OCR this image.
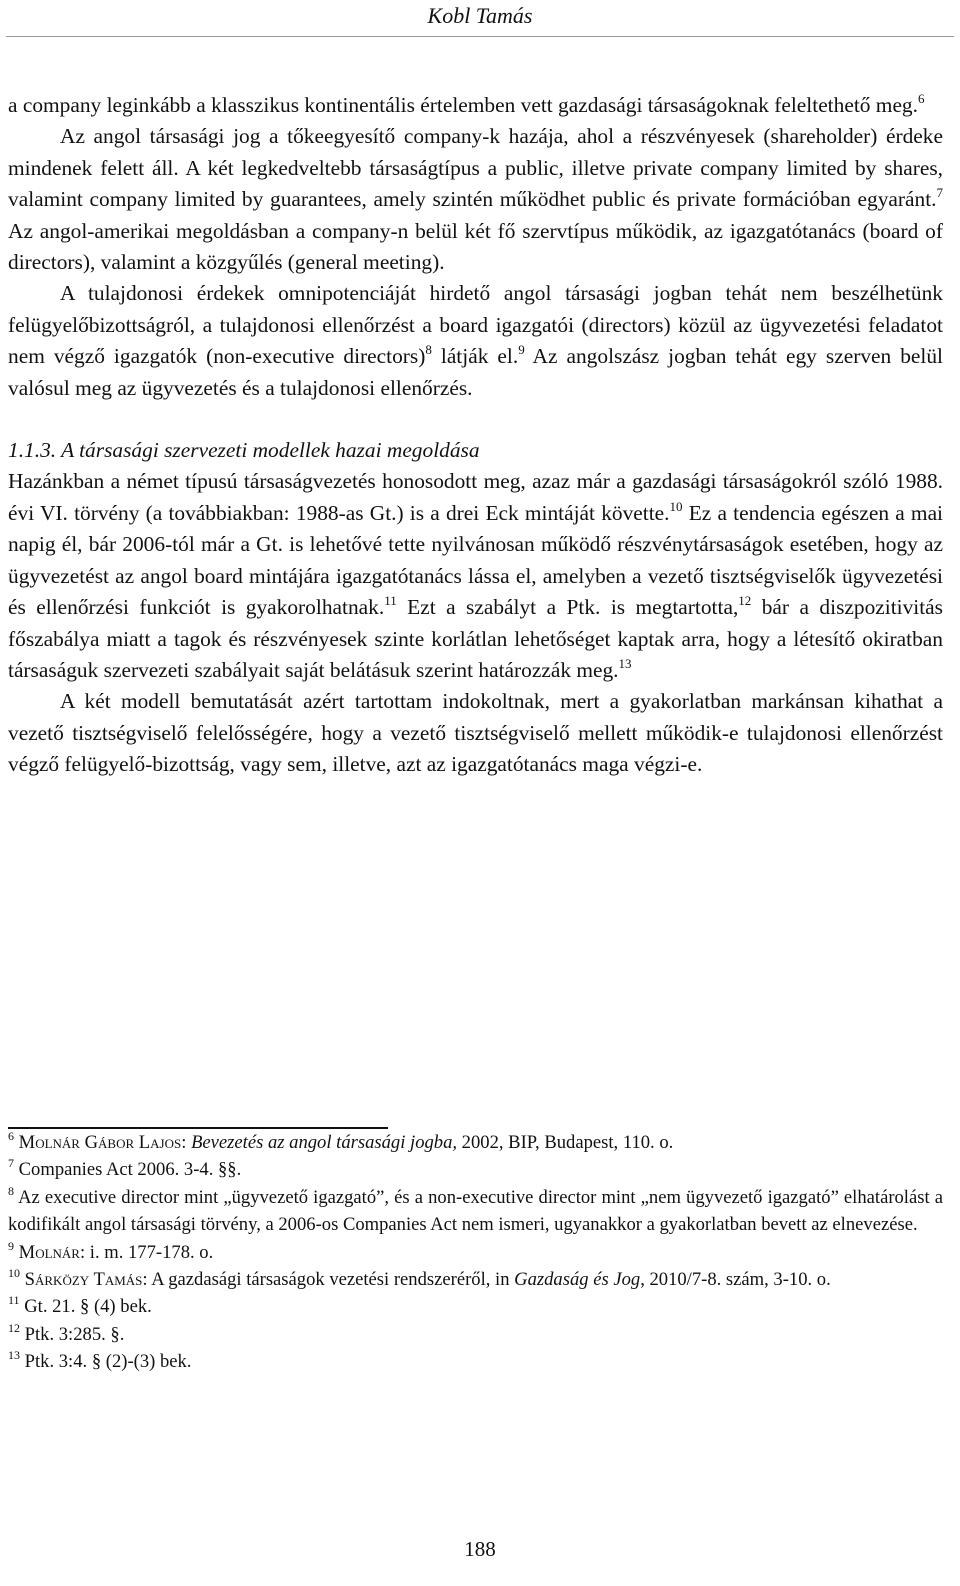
Kobl Tamás

a company leginkább a klasszikus kontinentális értelemben vett gazdasági társaságoknak feleltethető meg.$^6$

Az angol társasági jog a tőkeegyesítő company-k hazája, ahol a részvényesek (shareholder) érdeke mindenek felett áll. A két legkedveltebb társaságtípus a public, illetve private company limited by shares, valamint company limited by guarantees, amely szintén működhet public és private formációban egyaránt.$^7$ Az angol-amerikai megoldásban a company-n belül két fő szervtípus működik, az igazgatótanács (board of directors), valamint a közgyűlés (general meeting).

A tulajdonosi érdekek omnipotenciáját hirdető angol társasági jogban tehát nem beszélhetünk felügyelőbizottságról, a tulajdonosi ellenőrzést a board igazgatói (directors) közül az ügyvezetési feladatot nem végző igazgatók (non-executive directors)$^8$ látják el.$^9$ Az angolszász jogban tehát egy szerven belül valósul meg az ügyvezetés és a tulajdonosi ellenőrzés.

1.1.3. A társasági szervezeti modellek hazai megoldása

Hazánkban a német típusú társaságvezetés honosodott meg, azaz már a gazdasági társaságokról szóló 1988. évi VI. törvény (a továbbiakban: 1988-as Gt.) is a drei Eck mintáját követte.$^{10}$ Ez a tendencia egészen a mai napig él, bár 2006-tól már a Gt. is lehetővé tette nyilvánosan működő részvénytársaságok esetében, hogy az ügyvezetést az angol board mintájára igazgatótanács lássa el, amelyben a vezető tisztségviselők ügyvezetési és ellenőrzési funkciót is gyakorolhatnak.$^{11}$ Ezt a szabályt a Ptk. is megtartotta,$^{12}$ bár a diszpozitivitás főszabálya miatt a tagok és részvényesek szinte korlátlan lehetőséget kaptak arra, hogy a létesítő okiratban társaságuk szervezeti szabályait saját belátásuk szerint határozzák meg.$^{13}$

A két modell bemutatását azért tartottam indokoltnak, mert a gyakorlatban markánsan kihathat a vezető tisztségviselő felelősségére, hogy a vezető tisztségviselő mellett működik-e tulajdonosi ellenőrzést végző felügyelő-bizottság, vagy sem, illetve, azt az igazgatótanács maga végzi-e.

$^6$ Molnár Gábor Lajos: Bevezetés az angol társasági jogba, 2002, BIP, Budapest, 110. o.

$^7$ Companies Act 2006. 3-4. §§.

$^8$ Az executive director mint „ügyvezető igazgató”, és a non-executive director mint „nem ügyvezető igazgató” elhatárolást a kodifikált angol társasági törvény, a 2006-os Companies Act nem ismeri, ugyanakkor a gyakorlatban bevett az elnevezése.

$^9$ Molnár: i. m. 177-178. o.

$^{10}$ Sárközy Tamás: A gazdasági társaságok vezetési rendszeréről, in Gazdaság és Jog, 2010/7-8. szám, 3-10. o.

$^{11}$ Gt. 21. § (4) bek.

$^{12}$ Ptk. 3:285. §.

$^{13}$ Ptk. 3:4. § (2)-(3) bek.

188
